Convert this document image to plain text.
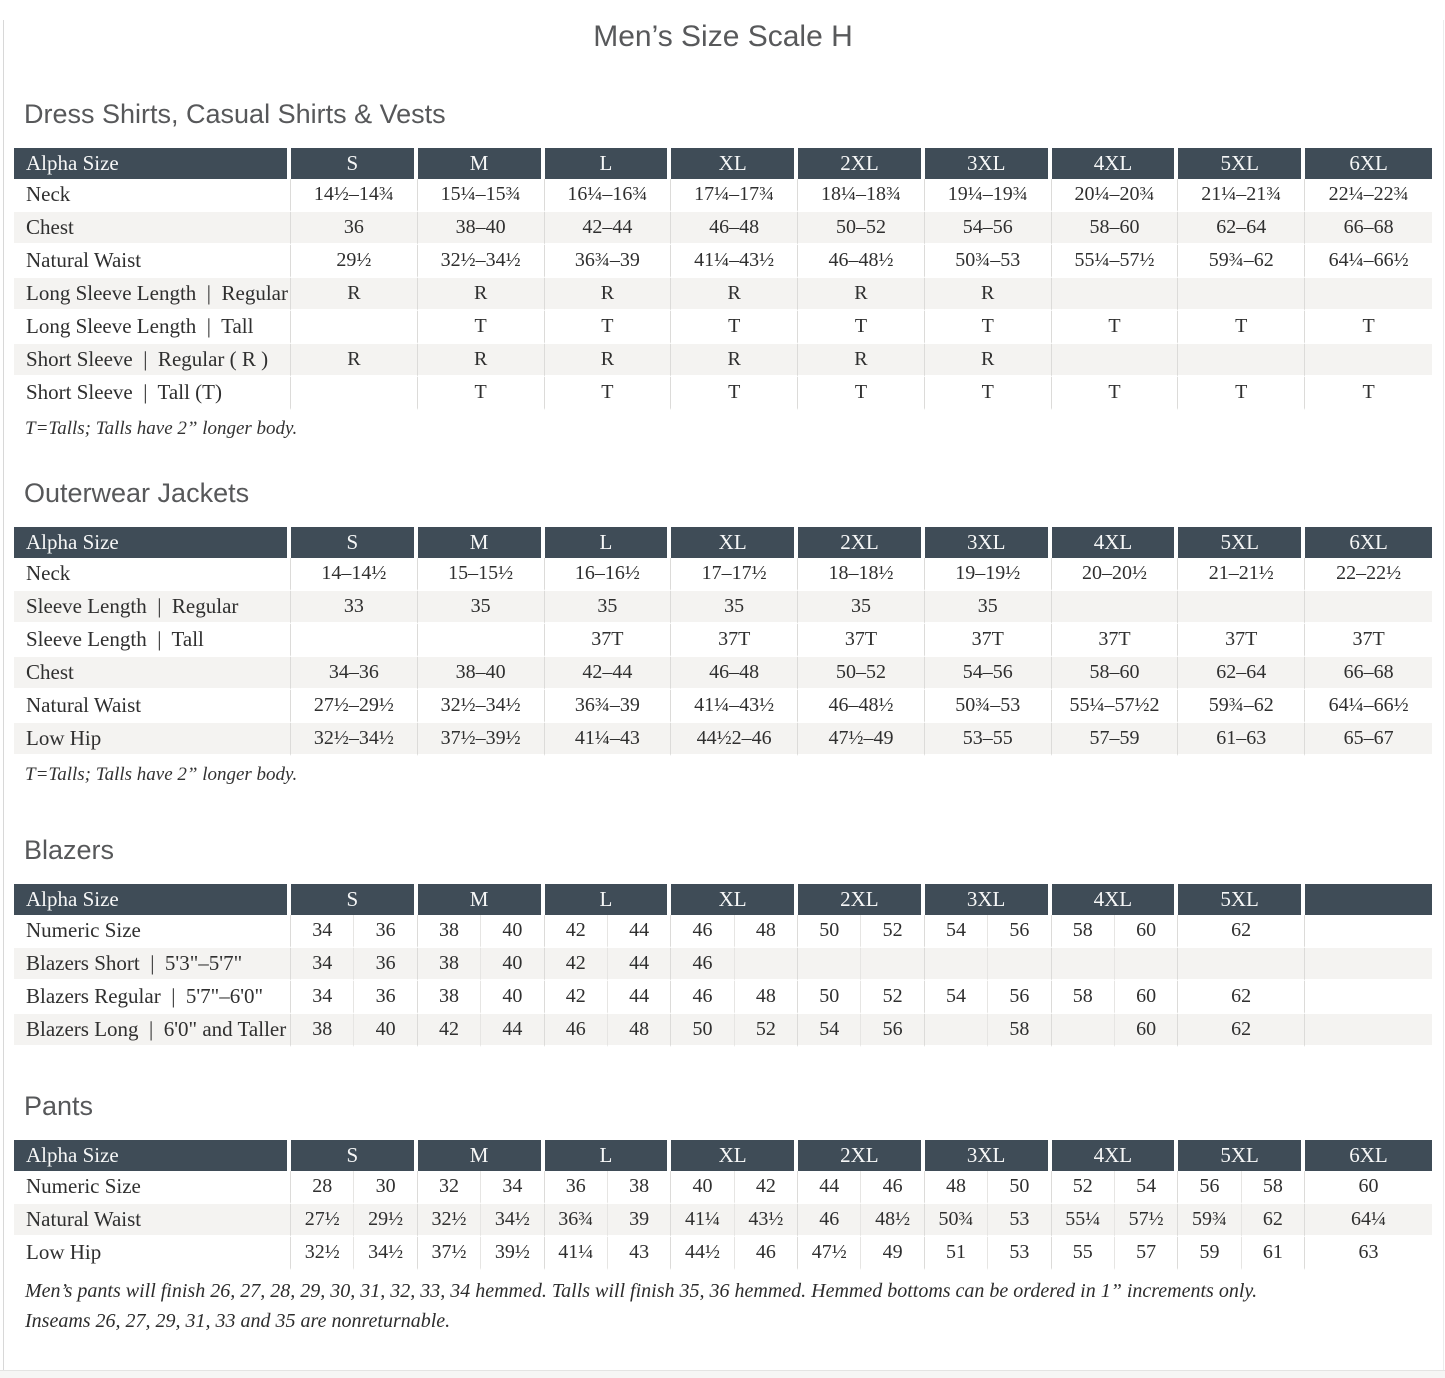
Men’s Size Scale H
Dress Shirts, Casual Shirts & Vests
Alpha Size	S	M	L	XL	2XL	3XL	4XL	5XL	6XL
Neck	14½–14¾	15¼–15¾	16¼–16¾	17¼–17¾	18¼–18¾	19¼–19¾	20¼–20¾	21¼–21¾	22¼–22¾
Chest	36	38–40	42–44	46–48	50–52	54–56	58–60	62–64	66–68
Natural Waist	29½	32½–34½	36¾–39	41¼–43½	46–48½	50¾–53	55¼–57½	59¾–62	64¼–66½
Long Sleeve Length  |  Regular	R	R	R	R	R	R			
Long Sleeve Length  |  Tall		T	T	T	T	T	T	T	T
Short Sleeve  |  Regular ( R )	R	R	R	R	R	R			
Short Sleeve  |  Tall (T)		T	T	T	T	T	T	T	T

T=Talls; Talls have 2” longer body.

Outerwear Jackets
Alpha Size	S	M	L	XL	2XL	3XL	4XL	5XL	6XL
Neck	14–14½	15–15½	16–16½	17–17½	18–18½	19–19½	20–20½	21–21½	22–22½
Sleeve Length  |  Regular	33	35	35	35	35	35			
Sleeve Length  |  Tall			37T	37T	37T	37T	37T	37T	37T
Chest	34–36	38–40	42–44	46–48	50–52	54–56	58–60	62–64	66–68
Natural Waist	27½–29½	32½–34½	36¾–39	41¼–43½	46–48½	50¾–53	55¼–57½2	59¾–62	64¼–66½
Low Hip	32½–34½	37½–39½	41¼–43	44½2–46	47½–49	53–55	57–59	61–63	65–67

T=Talls; Talls have 2” longer body.

Blazers
Alpha Size	S		M		L		XL		2XL		3XL		4XL		5XL	
Numeric Size	34	36	38	40	42	44	46	48	50	52	54	56	58	60	62	
Blazers Short  |  5'3"–5'7"	34	36	38	40	42	44	46									
Blazers Regular  |  5'7"–6'0"	34	36	38	40	42	44	46	48	50	52	54	56	58	60	62	
Blazers Long  |  6'0" and Taller	38	40	42	44	46	48	50	52	54	56		58		60	62	
Pants
Alpha Size	S		M		L		XL		2XL		3XL		4XL		5XL		6XL
Numeric Size	28	30	32	34	36	38	40	42	44	46	48	50	52	54	56	58	60
Natural Waist	27½	29½	32½	34½	36¾	39	41¼	43½	46	48½	50¾	53	55¼	57½	59¾	62	64¼
Low Hip	32½	34½	37½	39½	41¼	43	44½	46	47½	49	51	53	55	57	59	61	63

Men’s pants will finish 26, 27, 28, 29, 30, 31, 32, 33, 34 hemmed. Talls will finish 35, 36 hemmed. Hemmed bottoms can be ordered in 1” increments only.
Inseams 26, 27, 29, 31, 33 and 35 are nonreturnable.
